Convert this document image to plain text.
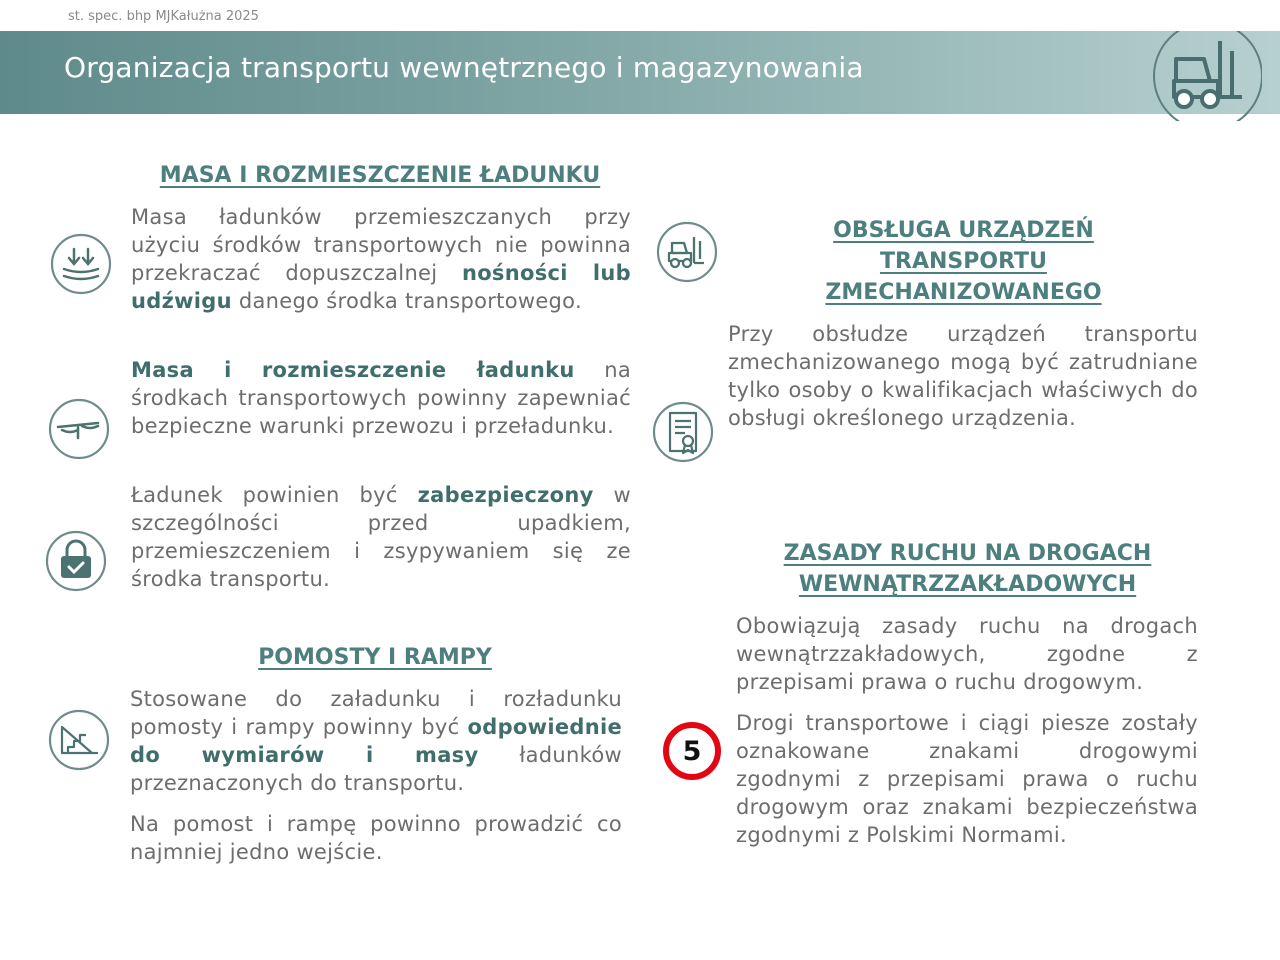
st. spec. bhp MJKałużna 2025
Organizacja transportu wewnętrznego i magazynowania
MASA I ROZMIESZCZENIE ŁADUNKU

Masa ładunków przemieszczanych przy użyciu środków transportowych nie powinna przekraczać dopuszczalnej nośności lub udźwigu danego środka transportowego.

Masa i rozmieszczenie ładunku na środkach transportowych powinny zapewniać bezpieczne warunki przewozu i przeładunku.

Ładunek powinien być zabezpieczony w szczególności przed upadkiem, przemieszczeniem i zsypywaniem się ze środka transportu.

POMOSTY I RAMPY

Stosowane do załadunku i rozładunku pomosty i rampy powinny być odpowiednie do wymiarów i masy ładunków przeznaczonych do transportu.

Na pomost i rampę powinno prowadzić co najmniej jedno wejście.

OBSŁUGA URZĄDZEŃ
TRANSPORTU
ZMECHANIZOWANEGO

Przy obsłudze urządzeń transportu zmechanizowanego mogą być zatrudniane tylko osoby o kwalifikacjach właściwych do obsługi określonego urządzenia.

ZASADY RUCHU NA DROGACH
WEWNĄTRZZAKŁADOWYCH

Obowiązują zasady ruchu na drogach wewnątrzzakładowych, zgodne z przepisami prawa o ruchu drogowym.

5

Drogi transportowe i ciągi piesze zostały oznakowane znakami drogowymi zgodnymi z przepisami prawa o ruchu drogowym oraz znakami bezpieczeństwa zgodnymi z Polskimi Normami.
